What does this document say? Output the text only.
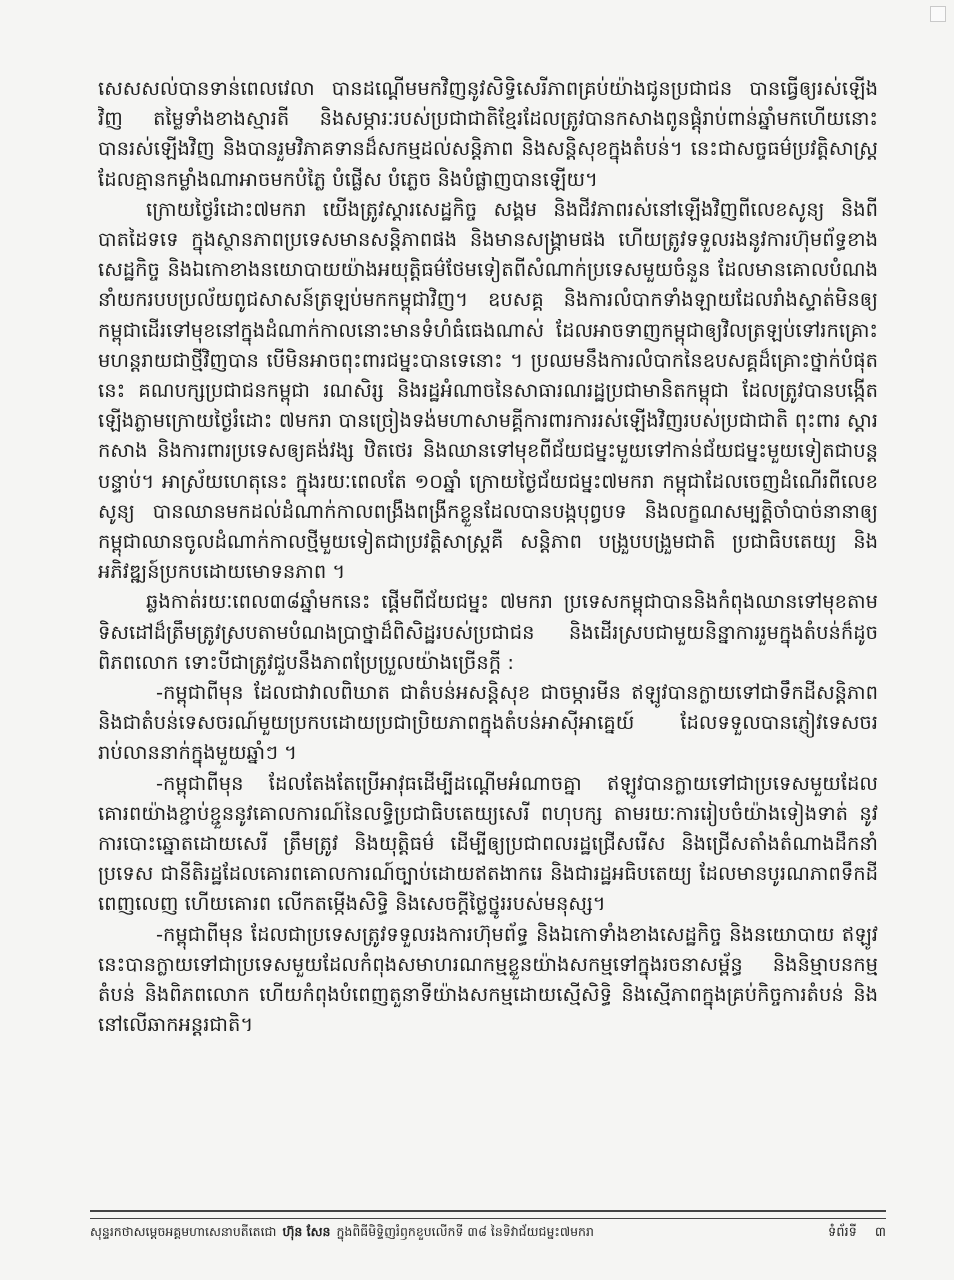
សេសសល់បានទាន់ពេលវេលា បានដណ្តើមមកវិញនូវសិទ្ធិសេរីភាពគ្រប់យ៉ាងជូនប្រជាជន បានធ្វើឲ្យរស់ឡើងវិញ តម្លៃទាំងខាងស្មារតី និងសម្ភារៈរបស់ប្រជាជាតិខ្មែរដែលត្រូវបានកសាងពូនផ្តុំរាប់ពាន់ឆ្នាំមកហើយនោះ បានរស់ឡើងវិញ និងបានរួមវិភាគទានដ៏សកម្មដល់សន្តិភាព និងសន្តិសុខក្នុងតំបន់។ នេះជាសច្ចធម៌ប្រវត្តិសាស្រ្ត ដែលគ្មានកម្លាំងណាអាចមកបំភ្លៃ បំផ្លើស បំភ្លេច និងបំផ្លាញបានឡើយ។

ក្រោយថ្ងៃរំដោះ៧មករា យើងត្រូវស្តារសេដ្ឋកិច្ច សង្គម និងជីវភាពរស់នៅឡើងវិញពីលេខសូន្យ និងពីបាតដៃទទេ ក្នុងស្ថានភាពប្រទេសមានសន្តិភាពផង និងមានសង្គ្រាមផង ហើយត្រូវទទួលរងនូវការហ៊ុមព័ទ្ធខាងសេដ្ឋកិច្ច និងឯកោខាងនយោបាយយ៉ាងអយុត្តិធម៌ថែមទៀតពីសំណាក់ប្រទេសមួយចំនួន ដែលមានគោលបំណងនាំយករបបប្រល័យពូជសាសន៍ត្រឡប់មកកម្ពុជាវិញ។ ឧបសគ្គ និងការលំបាកទាំងឡាយដែលរាំងស្ទាត់មិនឲ្យកម្ពុជាដើរទៅមុខនៅក្នុងដំណាក់កាលនោះមានទំហំធំធេងណាស់ ដែលអាចទាញកម្ពុជាឲ្យវិលត្រឡប់ទៅរកគ្រោះមហន្តរាយជាថ្មីវិញបាន បើមិនអាចពុះពារជម្នះបានទេនោះ ។ ប្រឈមនឹងការលំបាកនៃឧបសគ្គដ៏គ្រោះថ្នាក់បំផុតនេះ គណបក្សប្រជាជនកម្ពុជា រណសិរ្ស និងរដ្ឋអំណាចនៃសាធារណរដ្ឋប្រជាមានិតកម្ពុជា ដែលត្រូវបានបង្កើតឡើងភ្លាមក្រោយថ្ងៃរំដោះ ៧មករា បានច្រៀងទង់មហាសាមគ្គីការពារការរស់ឡើងវិញរបស់ប្រជាជាតិ ពុះពារ ស្តារ កសាង និងការពារប្រទេសឲ្យគង់វង្ស ឋិតថេរ និងឈានទៅមុខពីជ័យជម្នះមួយទៅកាន់ជ័យជម្នះមួយទៀតជាបន្តបន្ទាប់។ អាស្រ័យហេតុនេះ ក្នុងរយៈពេលតែ ១០ឆ្នាំ ក្រោយថ្ងៃជ័យជម្នះ៧មករា កម្ពុជាដែលចេញដំណើរពីលេខសូន្យ បានឈានមកដល់ដំណាក់កាលពង្រឹងពង្រីកខ្លួនដែលបានបង្កបុព្វបទ និងលក្ខណសម្បត្តិចាំបាច់នានាឲ្យកម្ពុជាឈានចូលដំណាក់កាលថ្មីមួយទៀតជាប្រវត្តិសាស្ត្រគឺ សន្តិភាព បង្រួបបង្រួមជាតិ ប្រជាធិបតេយ្យ និងអភិវឌ្ឍន៍ប្រកបដោយមោទនភាព ។

ឆ្លងកាត់រយៈពេល៣៨ឆ្នាំមកនេះ ផ្តើមពីជ័យជម្នះ ៧មករា ប្រទេសកម្ពុជាបាននិងកំពុងឈានទៅមុខតាមទិសដៅដ៏ត្រឹមត្រូវស្របតាមបំណងប្រាថ្នាដ៏ពិសិដ្ឋរបស់ប្រជាជន និងដើរស្របជាមួយនិន្នាការរួមក្នុងតំបន់ក៏ដូចពិភពលោក ទោះបីជាត្រូវជួបនឹងភាពប្រែប្រួលយ៉ាងច្រើនក្តី :

-កម្ពុជាពីមុន ដែលជាវាលពិឃាត ជាតំបន់អសន្តិសុខ ជាចម្ការមីន ឥឡូវបានក្លាយទៅជាទឹកដីសន្តិភាព និងជាតំបន់ទេសចរណ៍មួយប្រកបដោយប្រជាប្រិយភាពក្នុងតំបន់អាស៊ីអាគ្នេយ៍ ដែលទទួលបានភ្ញៀវទេសចររាប់លាននាក់ក្នុងមួយឆ្នាំៗ ។

-កម្ពុជាពីមុន ដែលតែងតែប្រើអាវុធដើម្បីដណ្តើមអំណាចគ្នា ឥឡូវបានក្លាយទៅជាប្រទេសមួយដែលគោរពយ៉ាងខ្ជាប់ខ្ជួននូវគោលការណ៍នៃលទ្ធិប្រជាធិបតេយ្យសេរី ពហុបក្ស តាមរយៈការរៀបចំយ៉ាងទៀងទាត់ នូវការបោះឆ្នោតដោយសេរី ត្រឹមត្រូវ និងយុត្តិធម៌ ដើម្បីឲ្យប្រជាពលរដ្ឋជ្រើសរើស និងជ្រើសតាំងតំណាងដឹកនាំប្រទេស ជានីតិរដ្ឋដែលគោរពគោលការណ៍ច្បាប់ដោយឥតងាករេ និងជារដ្ឋអធិបតេយ្យ ដែលមានបូរណភាពទឹកដីពេញលេញ ហើយគោរព លើកតម្កើងសិទ្ធិ និងសេចក្តីថ្លៃថ្នូររបស់មនុស្ស។

-កម្ពុជាពីមុន ដែលជាប្រទេសត្រូវទទួលរងការហ៊ុមព័ទ្ធ និងឯកោទាំងខាងសេដ្ឋកិច្ច និងនយោបាយ ឥឡូវនេះបានក្លាយទៅជាប្រទេសមួយដែលកំពុងសមាហរណកម្មខ្លួនយ៉ាងសកម្មទៅក្នុងរចនាសម្ព័ន្ធ និងនិម្មាបនកម្មតំបន់ និងពិភពលោក ហើយកំពុងបំពេញតួនាទីយ៉ាងសកម្មដោយស្មើសិទ្ធិ និងស្មើភាពក្នុងគ្រប់កិច្ចការតំបន់ និងនៅលើឆាកអន្តរជាតិ។

សុន្ទរកថាសម្តេចអគ្គមហាសេនាបតីតេជោ ហ៊ុន សែន ក្នុងពិធីមិទ្ទិញរំឭកខួបលើកទី ៣៨ នៃទិវាជ័យជម្នះ៧មករា	ទំព័រទី ៣
